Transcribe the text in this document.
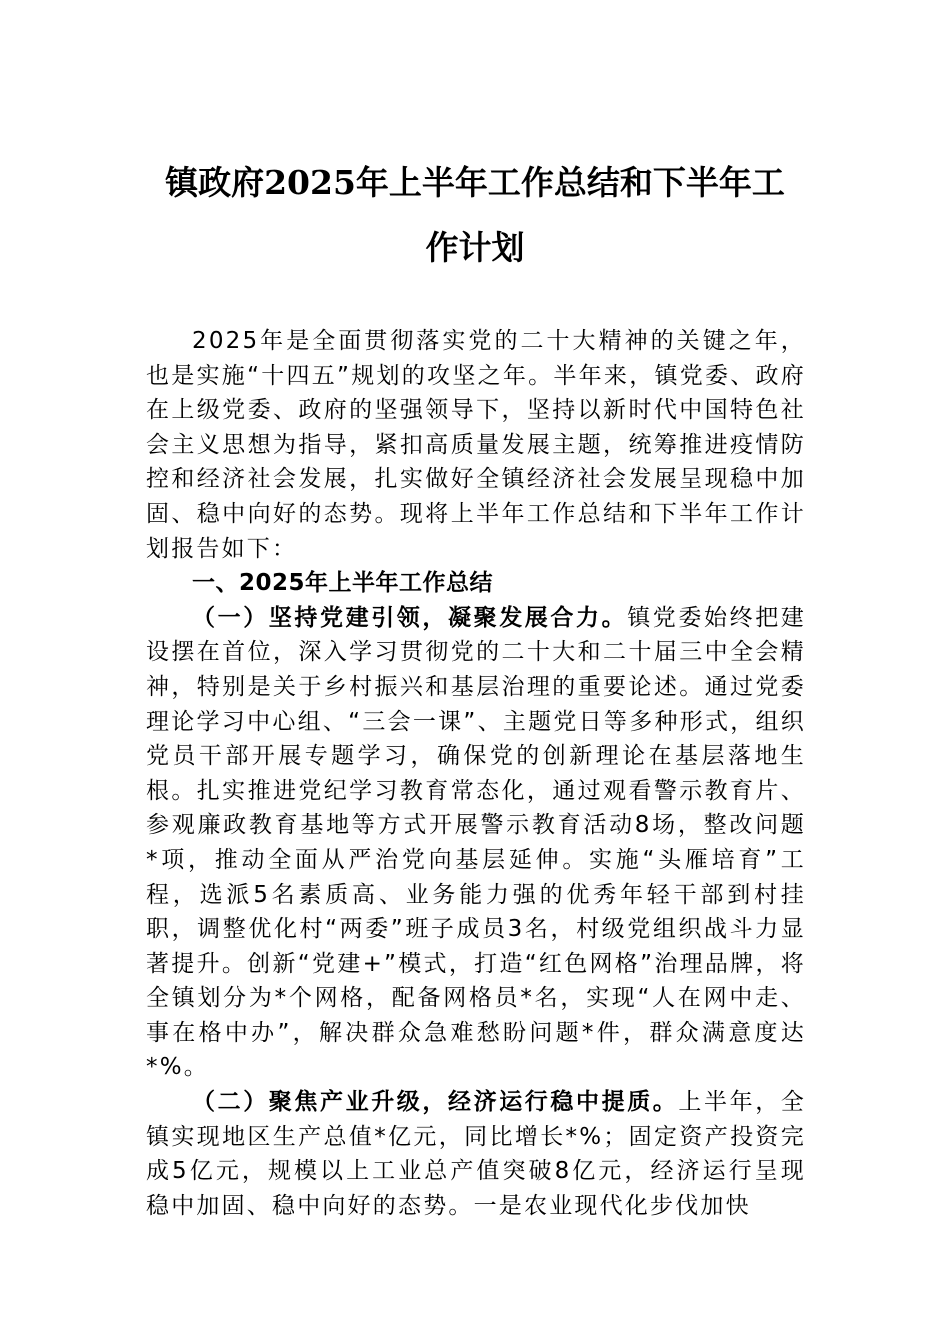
镇政府2025年上半年工作总结和下半年工
作计划

2025年是全面贯彻落实党的二十大精神的关键之年，也是实施“十四五”规划的攻坚之年。半年来，镇党委、政府在上级党委、政府的坚强领导下，坚持以新时代中国特色社会主义思想为指导，紧扣高质量发展主题，统筹推进疫情防控和经济社会发展，扎实做好全镇经济社会发展呈现稳中加固、稳中向好的态势。现将上半年工作总结和下半年工作计划报告如下：

一、2025年上半年工作总结

（一）坚持党建引领，凝聚发展合力。镇党委始终把建设摆在首位，深入学习贯彻党的二十大和二十届三中全会精神，特别是关于乡村振兴和基层治理的重要论述。通过党委理论学习中心组、“三会一课”、主题党日等多种形式，组织党员干部开展专题学习，确保党的创新理论在基层落地生根。扎实推进党纪学习教育常态化，通过观看警示教育片、参观廉政教育基地等方式开展警示教育活动8场，整改问题*项，推动全面从严治党向基层延伸。实施“头雁培育”工程，选派5名素质高、业务能力强的优秀年轻干部到村挂职，调整优化村“两委”班子成员3名，村级党组织战斗力显著提升。创新“党建+”模式，打造“红色网格”治理品牌，将全镇划分为*个网格，配备网格员*名，实现“人在网中走、事在格中办”，解决群众急难愁盼问题*件，群众满意度达*%。

（二）聚焦产业升级，经济运行稳中提质。上半年，全镇实现地区生产总值*亿元，同比增长*%；固定资产投资完成5亿元，规模以上工业总产值突破8亿元，经济运行呈现稳中加固、稳中向好的态势。一是农业现代化步伐加快
